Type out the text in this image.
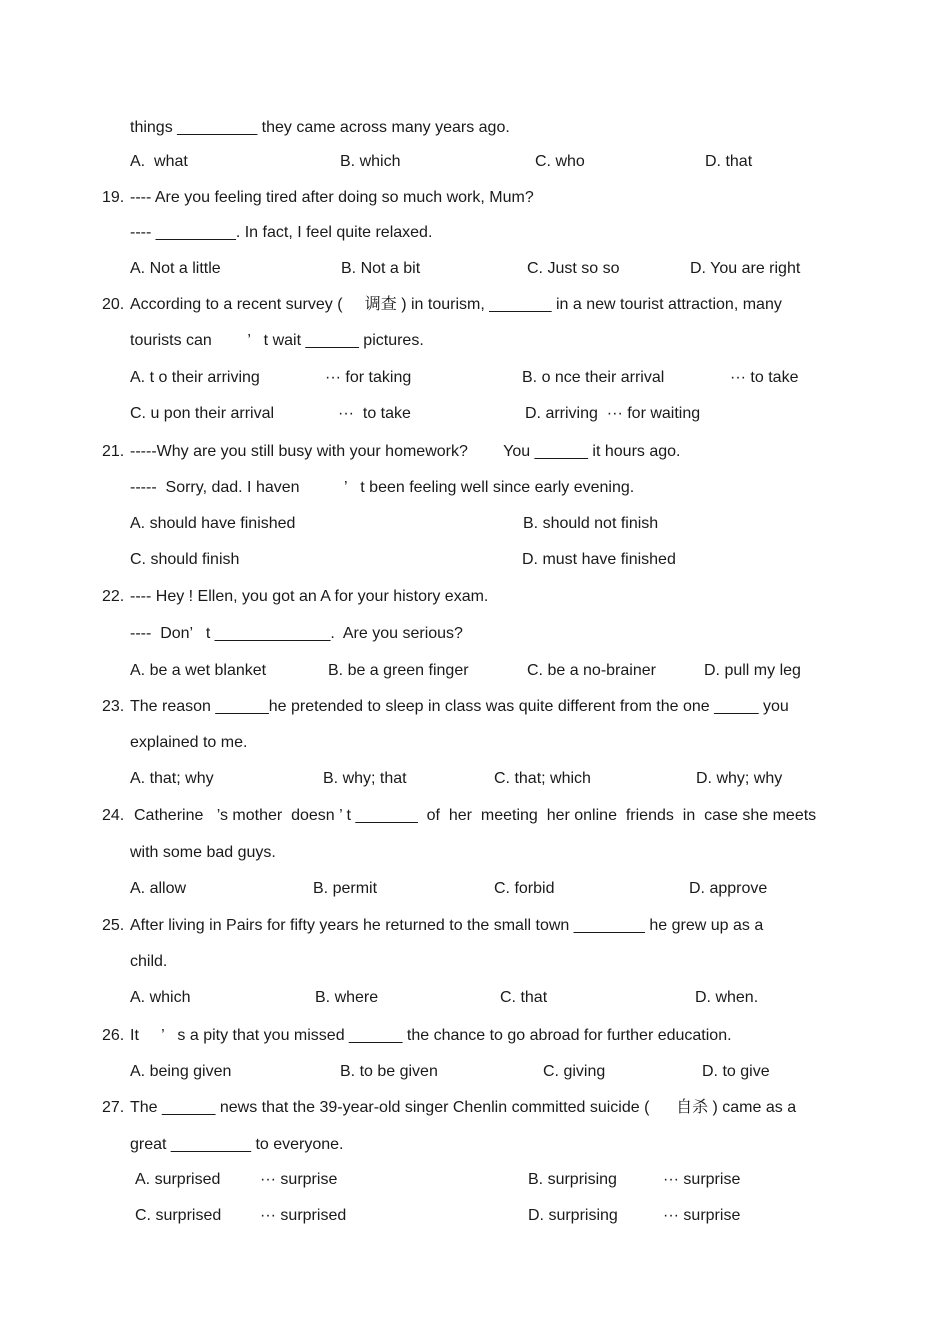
things _________ they came across many years ago.
A.  what	B. which	C. who	D. that
19. ---- Are you feeling tired after doing so much work, Mum?
---- _________. In fact, I feel quite relaxed.
A. Not a little	B. Not a bit	C. Just so so	D. You are right
20. According to a recent survey (     调查 ) in tourism, _______ in a new tourist attraction, many
tourists can        ’   t wait ______ pictures.
A. t o their arriving	··· for taking	B. o nce their arrival	··· to take
C. u pon their arrival	···  to take	D. arriving  ··· for waiting
21. -----Why are you still busy with your homework?        You ______ it hours ago.
-----  Sorry, dad. I haven          ’   t been feeling well since early evening.
A. should have finished	B. should not finish
C. should finish	D. must have finished
22. ---- Hey ! Ellen, you got an A for your history exam.
----  Don’   t _____________.  Are you serious?
A. be a wet blanket	B. be a green finger	C. be a no-brainer	D. pull my leg
23. The reason ______he pretended to sleep in class was quite different from the one _____ you
explained to me.
A. that; why	B. why; that	C. that; which	D. why; why
24. Catherine   ’s mother  doesn ’ t _______  of  her  meeting  her online  friends  in  case she meets
with some bad guys.
A. allow	B. permit	C. forbid	D. approve
25. After living in Pairs for fifty years he returned to the small town ________ he grew up as a
child.
A. which	B. where	C. that	D. when.
26. It     ’   s a pity that you missed ______ the chance to go abroad for further education.
A. being given	B. to be given	C. giving	D. to give
27. The ______ news that the 39-year-old singer Chenlin committed suicide (      自杀 ) came as a
great _________ to everyone.
A. surprised ··· surprise	B. surprising	··· surprise
C. surprised ··· surprised	D. surprising	··· surprise
